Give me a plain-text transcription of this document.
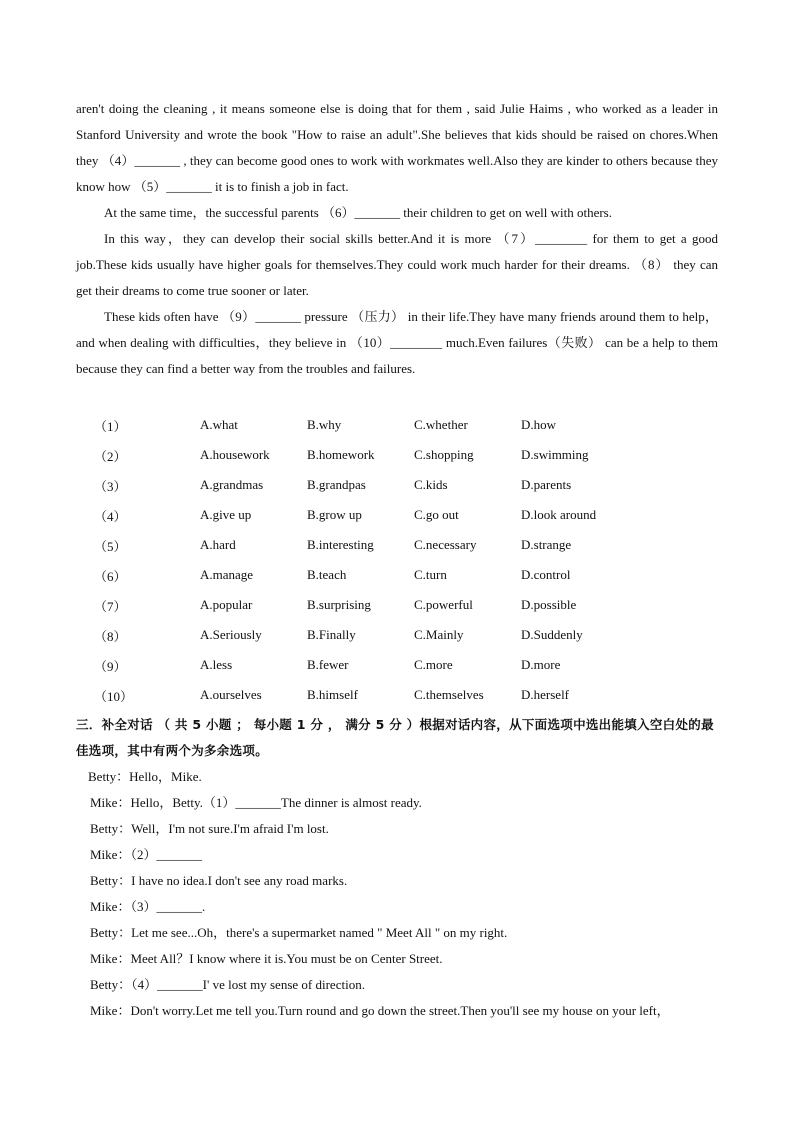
aren't doing the cleaning , it means someone else is doing that for them , said Julie Haims , who worked as a leader in Stanford University and wrote the book "How to raise an adult".She believes that kids should be raised on chores.When they （4）_______ , they can become good ones to work with workmates well.Also they are kinder to others because they know how （5）_______ it is to finish a job in fact.

At the same time，the successful parents （6）_______ their children to get on well with others.

In this way，they can develop their social skills better.And it is more （7）________ for them to get a good job.These kids usually have higher goals for themselves.They could work much harder for their dreams. （8） they can get their dreams to come true sooner or later.

These kids often have （9）_______ pressure （压力） in their life.They have many friends around them to help，and when dealing with difficulties，they believe in （10）________ much.Even failures（失败） can be a help to them because they can find a better way from the troubles and failures.

（1）	A.what	B.why	C.whether	D.how
（2）	A.housework	B.homework	C.shopping	D.swimming
（3）	A.grandmas	B.grandpas	C.kids	D.parents
（4）	A.give up	B.grow up	C.go out	D.look around
（5）	A.hard	B.interesting	C.necessary	D.strange
（6）	A.manage	B.teach	C.turn	D.control
（7）	A.popular	B.surprising	C.powerful	D.possible
（8）	A.Seriously	B.Finally	C.Mainly	D.Suddenly
（9）	A.less	B.fewer	C.more	D.more
（10）	A.ourselves	B.himself	C.themselves	D.herself

三．补全对话 （ 共 5 小题 ； 每小题 1 分 ， 满分 5 分 ）根据对话内容，从下面选项中选出能填入空白处的最佳选项，其中有两个为多余选项。

Betty：Hello，Mike.

Mike：Hello，Betty.（1）_______The dinner is almost ready.

Betty：Well，I'm not sure.I'm afraid I'm lost.

Mike：（2）_______

Betty：I have no idea.I don't see any road marks.

Mike：（3）_______.

Betty：Let me see...Oh，there's a supermarket named " Meet All " on my right.

Mike：Meet All？I know where it is.You must be on Center Street.

Betty：（4）_______I' ve lost my sense of direction.

Mike：Don't worry.Let me tell you.Turn round and go down the street.Then you'll see my house on your left，
